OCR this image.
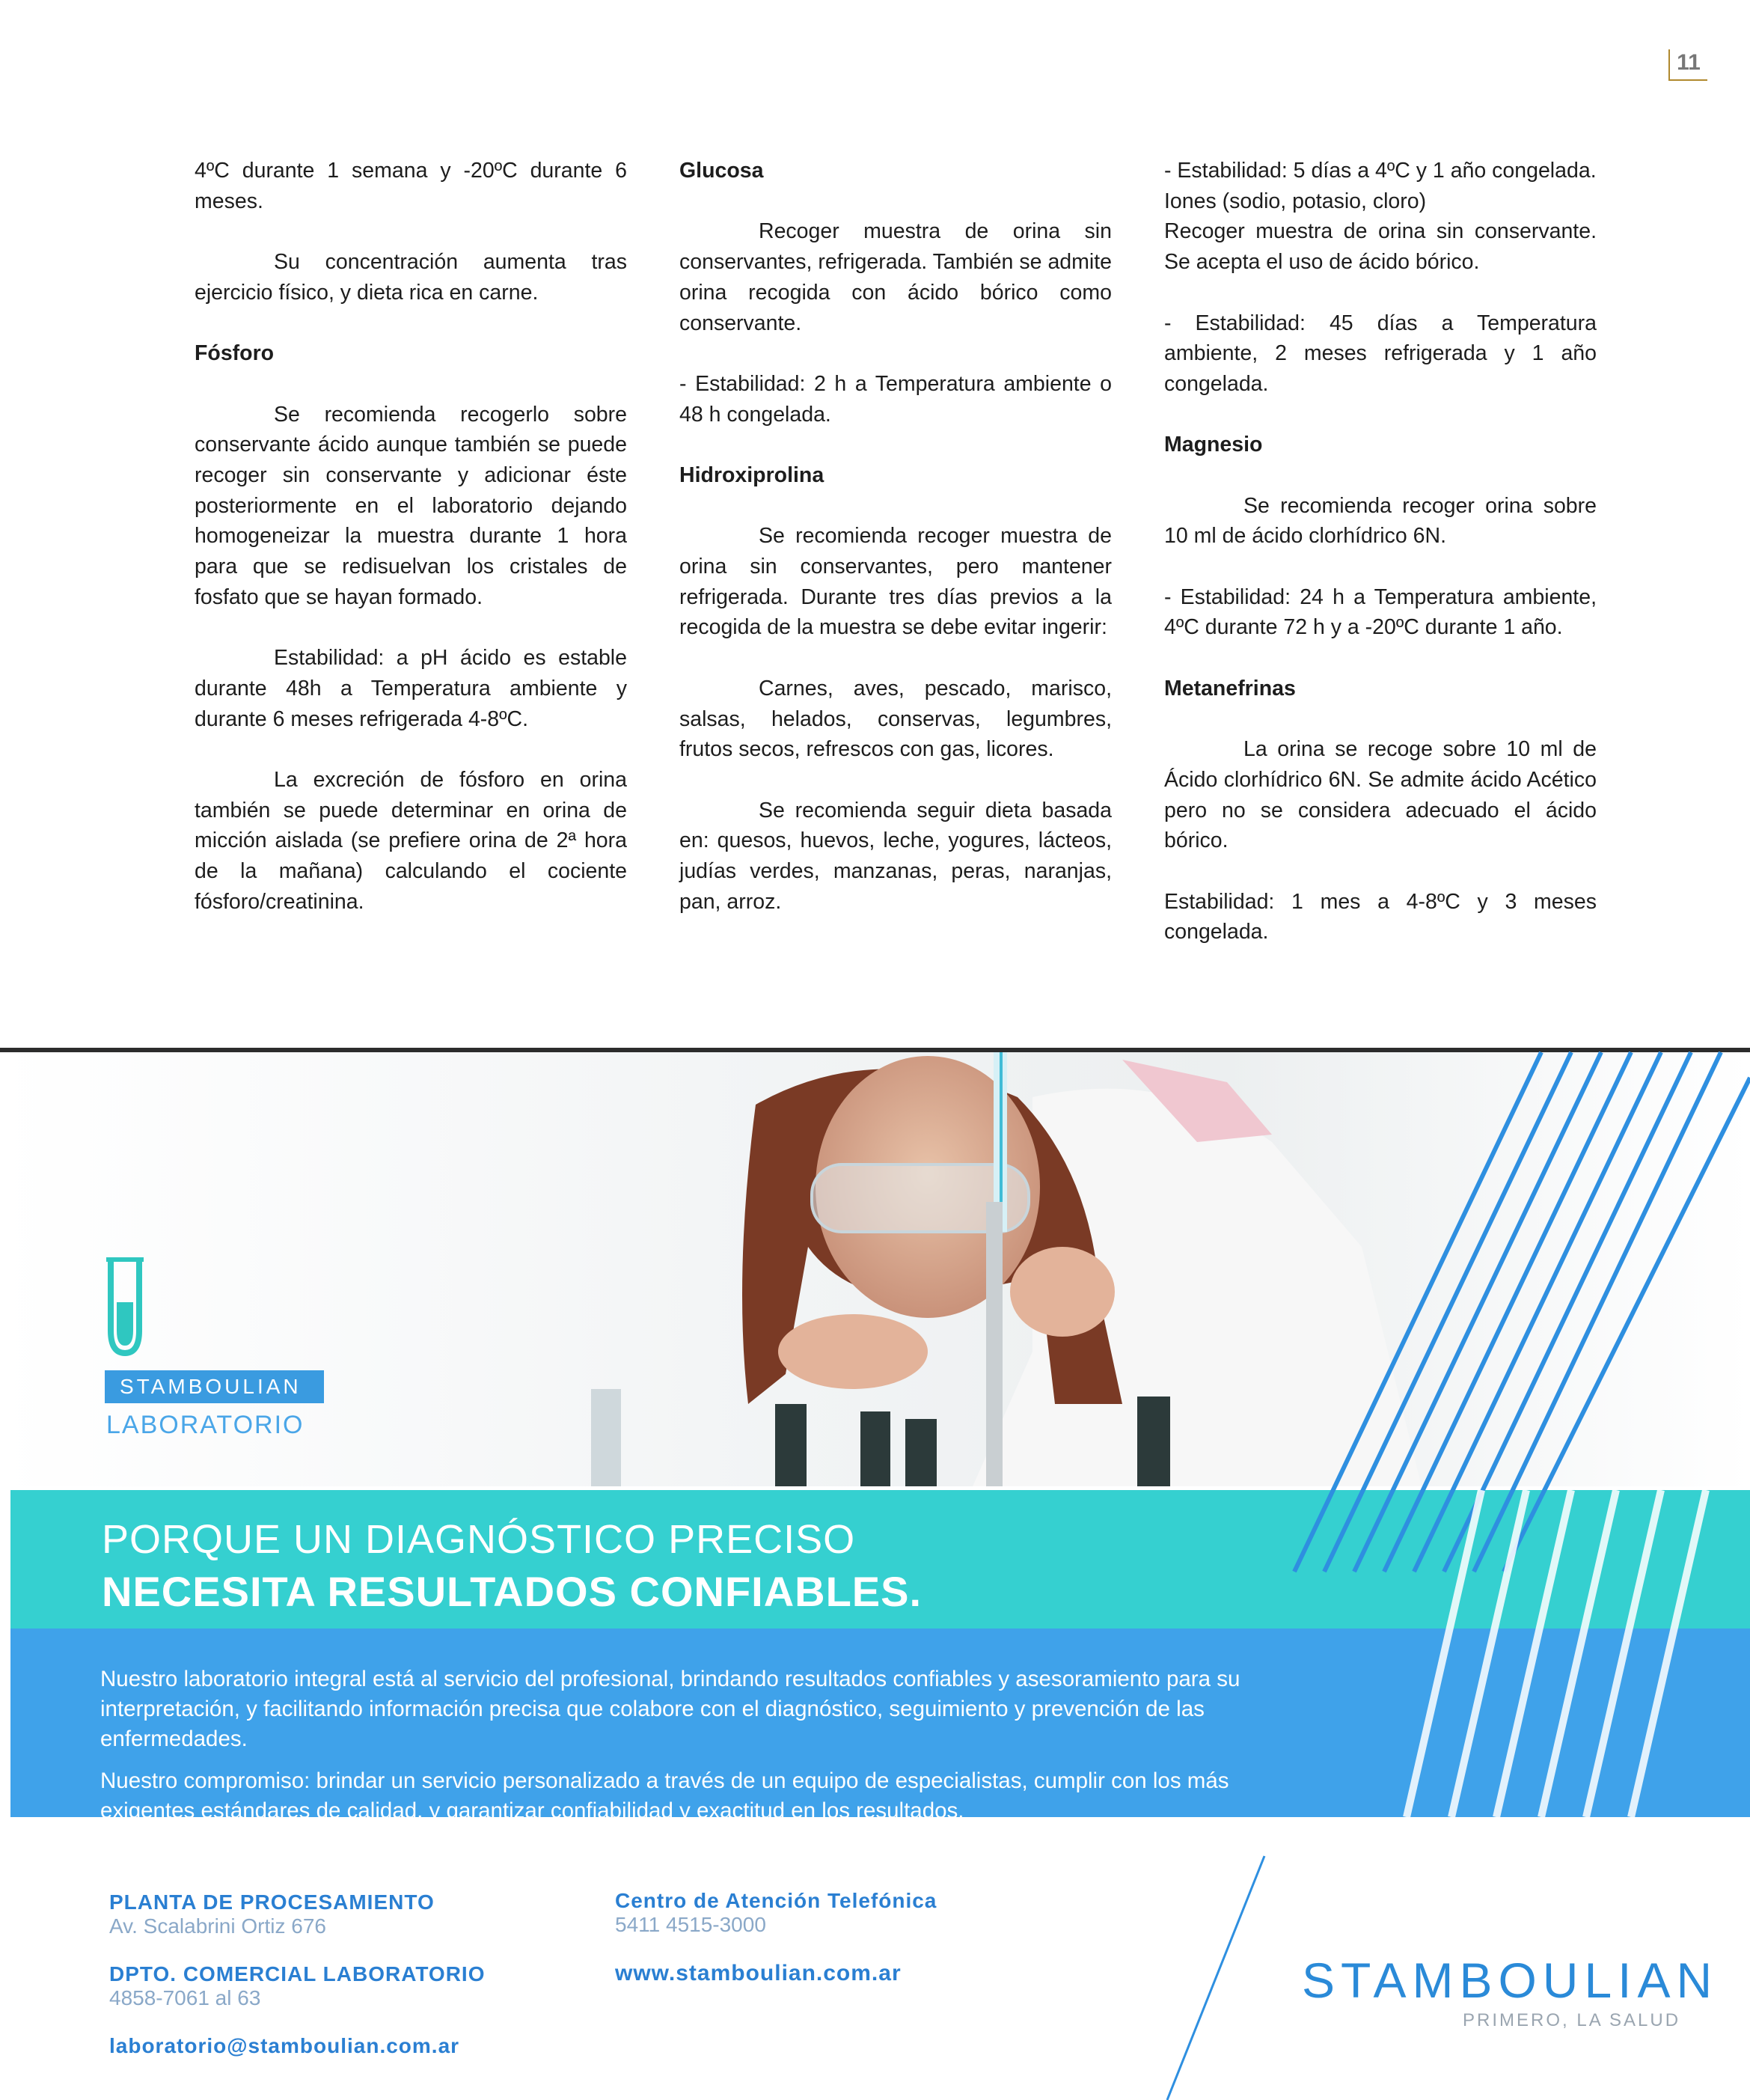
11

4ºC durante 1 semana y -20ºC durante 6 meses.

Su concentración aumenta tras ejercicio físico, y dieta rica en carne.

Fósforo

Se recomienda recogerlo sobre conservante ácido aunque también se puede recoger sin conservante y adicionar éste posteriormente en el laboratorio dejando homogeneizar la muestra durante 1 hora para que se redisuelvan los cristales de fosfato que se hayan formado.

Estabilidad: a pH ácido es estable durante 48h a Temperatura ambiente y durante 6 meses refrigerada 4-8ºC.

La excreción de fósforo en orina también se puede determinar en orina de micción aislada (se prefiere orina de 2ª hora de la mañana) calculando el cociente fósforo/creatinina.

Glucosa

Recoger muestra de orina sin conservantes, refrigerada. También se admite orina recogida con ácido bórico como conservante.

- Estabilidad: 2 h a Temperatura ambiente o 48 h congelada.

Hidroxiprolina

Se recomienda recoger muestra de orina sin conservantes, pero mantener refrigerada. Durante tres días previos a la recogida de la muestra se debe evitar ingerir:

Carnes, aves, pescado, marisco, salsas, helados, conservas, legumbres, frutos secos, refrescos con gas, licores.

Se recomienda seguir dieta basada en: quesos, huevos, leche, yogures, lácteos, judías verdes, manzanas, peras, naranjas, pan, arroz.

- Estabilidad: 5 días a 4ºC y 1 año congelada.

Iones (sodio, potasio, cloro)

Recoger muestra de orina sin conservante. Se acepta el uso de ácido bórico.

- Estabilidad: 45 días a Temperatura ambiente, 2 meses refrigerada y 1 año congelada.

Magnesio

Se recomienda recoger orina sobre 10 ml de ácido clorhídrico 6N.

- Estabilidad: 24 h a Temperatura ambiente, 4ºC durante 72 h y a -20ºC durante 1 año.

Metanefrinas

La orina se recoge sobre 10 ml de Ácido clorhídrico 6N. Se admite ácido Acético pero no se considera adecuado el ácido bórico.

Estabilidad: 1 mes a 4-8ºC y 3 meses congelada.

STAMBOULIAN
LABORATORIO
PORQUE UN DIAGNÓSTICO PRECISO
NECESITA RESULTADOS CONFIABLES.

Nuestro laboratorio integral está al servicio del profesional, brindando resultados confiables y asesoramiento para su interpretación, y facilitando información precisa que colabore con el diagnóstico, seguimiento y prevención de las enfermedades.

Nuestro compromiso: brindar un servicio personalizado a través de un equipo de especialistas, cumplir con los más exigentes estándares de calidad, y garantizar confiabilidad y exactitud en los resultados.

PLANTA DE PROCESAMIENTO
Av. Scalabrini Ortiz 676
DPTO. COMERCIAL LABORATORIO
4858-7061 al 63
laboratorio@stamboulian.com.ar
Centro de Atención Telefónica
5411 4515-3000
www.stamboulian.com.ar	STAMBOULIAN
PRIMERO, LA SALUD
